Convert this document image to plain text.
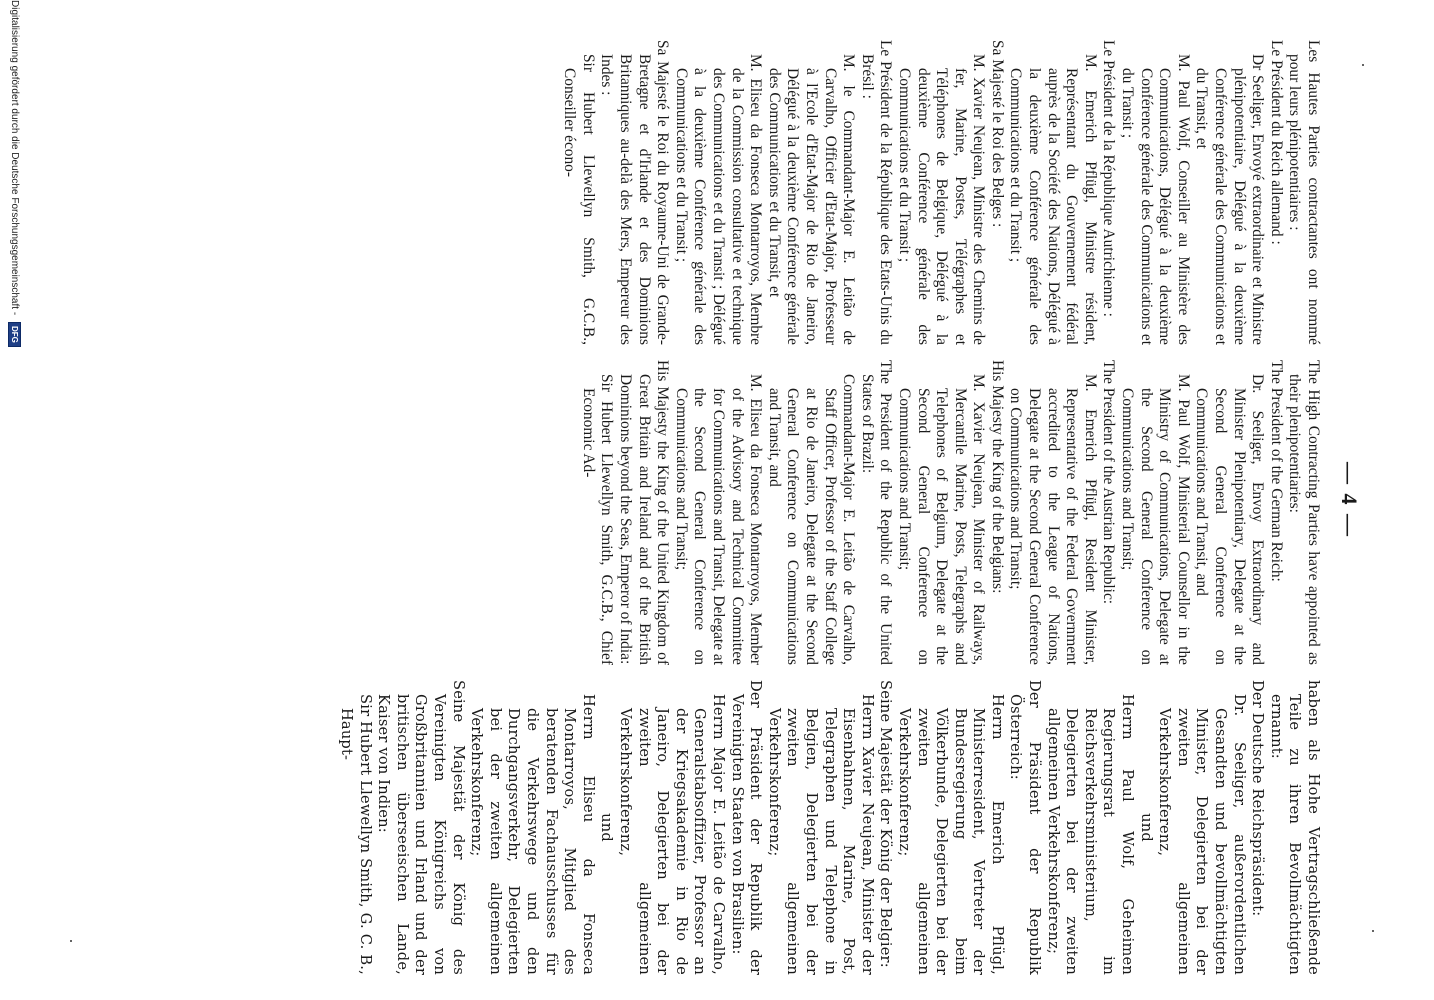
— 4 —

Les Hautes Parties contractantes ont nommé pour leurs plénipotentiaires :

Le Président du Reich allemand :

Dr Seeliger, Envoyé extraordinaire et Ministre plénipotentiaire, Délégué à la deuxième Conférence générale des Communications et du Transit, et

M. Paul Wolf, Conseiller au Ministère des Communications, Délégué à la deuxième Conférence générale des Communications et du Transit ;

Le Président de la République Autrichienne :

M. Emerich Pflügl, Ministre résident, Représentant du Gouvernement fédéral auprès de la Société des Nations, Délégué à la deuxième Conférence générale des Communications et du Transit ;

Sa Majesté le Roi des Belges :

M. Xavier Neujean, Ministre des Chemins de fer, Marine, Postes, Télégraphes et Téléphones de Belgique, Délégué à la deuxième Conférence générale des Communications et du Transit ;

Le Président de la République des Etats-Unis du Brésil :

M. le Commandant-Major E. Leitão de Carvalho, Officier d'Etat-Major, Professeur à l'Ecole d'Etat-Major de Rio de Janeiro, Délégué à la deuxième Conférence générale des Communications et du Transit, et

M. Eliseu da Fonseca Montarroyos, Membre de la Commission consultative et technique des Communications et du Transit ; Délégué à la deuxième Conférence générale des Communications et du Transit ;

Sa Majesté le Roi du Royaume-Uni de Grande-Bretagne et d'Irlande et des Dominions Britanniques au-delà des Mers, Empereur des Indes :

Sir Hubert Llewellyn Smith, G.C.B., Conseiller écono-

The High Contracting Parties have appointed as their plenipotentiaries:

The President of the German Reich:

Dr. Seeliger, Envoy Extraordinary and Minister Plenipotentiary, Delegate at the Second General Conference on Communications and Transit, and

M. Paul Wolf, Ministerial Counsellor in the Ministry of Communications, Delegate at the Second General Conference on Communications and Transit;

The President of the Austrian Republic:

M. Emerich Pflügl, Resident Minister, Representative of the Federal Government accredited to the League of Nations, Delegate at the Second General Conference on Communications and Transit;

His Majesty the King of the Belgians:

M. Xavier Neujean, Minister of Railways, Mercantile Marine, Posts, Telegraphs and Telephones of Belgium, Delegate at the Second General Conference on Communications and Transit;

The President of the Republic of the United States of Brazil:

Commandant-Major E. Leitão de Carvalho, Staff Officer, Professor of the Staff College at Rio de Janeiro, Delegate at the Second General Conference on Communications and Transit, and

M. Eliseu da Fonseca Montarroyos, Member of the Advisory and Technical Committee for Communications and Transit, Delegate at the Second General Conference on Communications and Transit;

His Majesty the King of the United Kingdom of Great Britain and Ireland and of the British Dominions beyond the Seas, Emperor of India:

Sir Hubert Llewellyn Smith, G.C.B., Chief Economic Ad-

haben als Hohe Vertragschließende Teile zu ihren Bevollmächtigten ernannt:

Der Deutsche Reichspräsident:

Dr. Seeliger, außerordentlichen Gesandten und bevollmächtigten Minister, Delegierten bei der zweiten allgemeinen Verkehrskonferenz,

und

Herrn Paul Wolf, Geheimen Regierungsrat im Reichsverkehrsministerium, Delegierten bei der zweiten allgemeinen Verkehrskonferenz;

Der Präsident der Republik Österreich:

Herrn Emerich Pflügl, Ministerresident, Vertreter der Bundesregierung beim Völkerbunde, Delegierten bei der zweiten allgemeinen Verkehrskonferenz;

Seine Majestät der König der Belgier:

Herrn Xavier Neujean, Minister der Eisenbahnen, Marine, Post, Telegraphen und Telephone in Belgien, Delegierten bei der zweiten allgemeinen Verkehrskonferenz;

Der Präsident der Republik der Vereinigten Staaten von Brasilien:

Herrn Major E. Leitão de Carvalho, Generalstabsoffizier, Professor an der Kriegsakademie in Rio de Janeiro, Delegierten bei der zweiten allgemeinen Verkehrskonferenz,

und

Herrn Eliseu da Fonseca Montarroyos, Mitglied des beratenden Fachausschusses für die Verkehrswege und den Durchgangsverkehr, Delegierten bei der zweiten allgemeinen Verkehrskonferenz;

Seine Majestät der König des Vereinigten Königreichs von Großbritannien und Irland und der britischen überseeischen Lande, Kaiser von Indien:

Sir Hubert Llewellyn Smith, G. C. B., Haupt-

Digitalisierung gefördert durch die Deutsche Forschungsgemeinschaft - DFG
